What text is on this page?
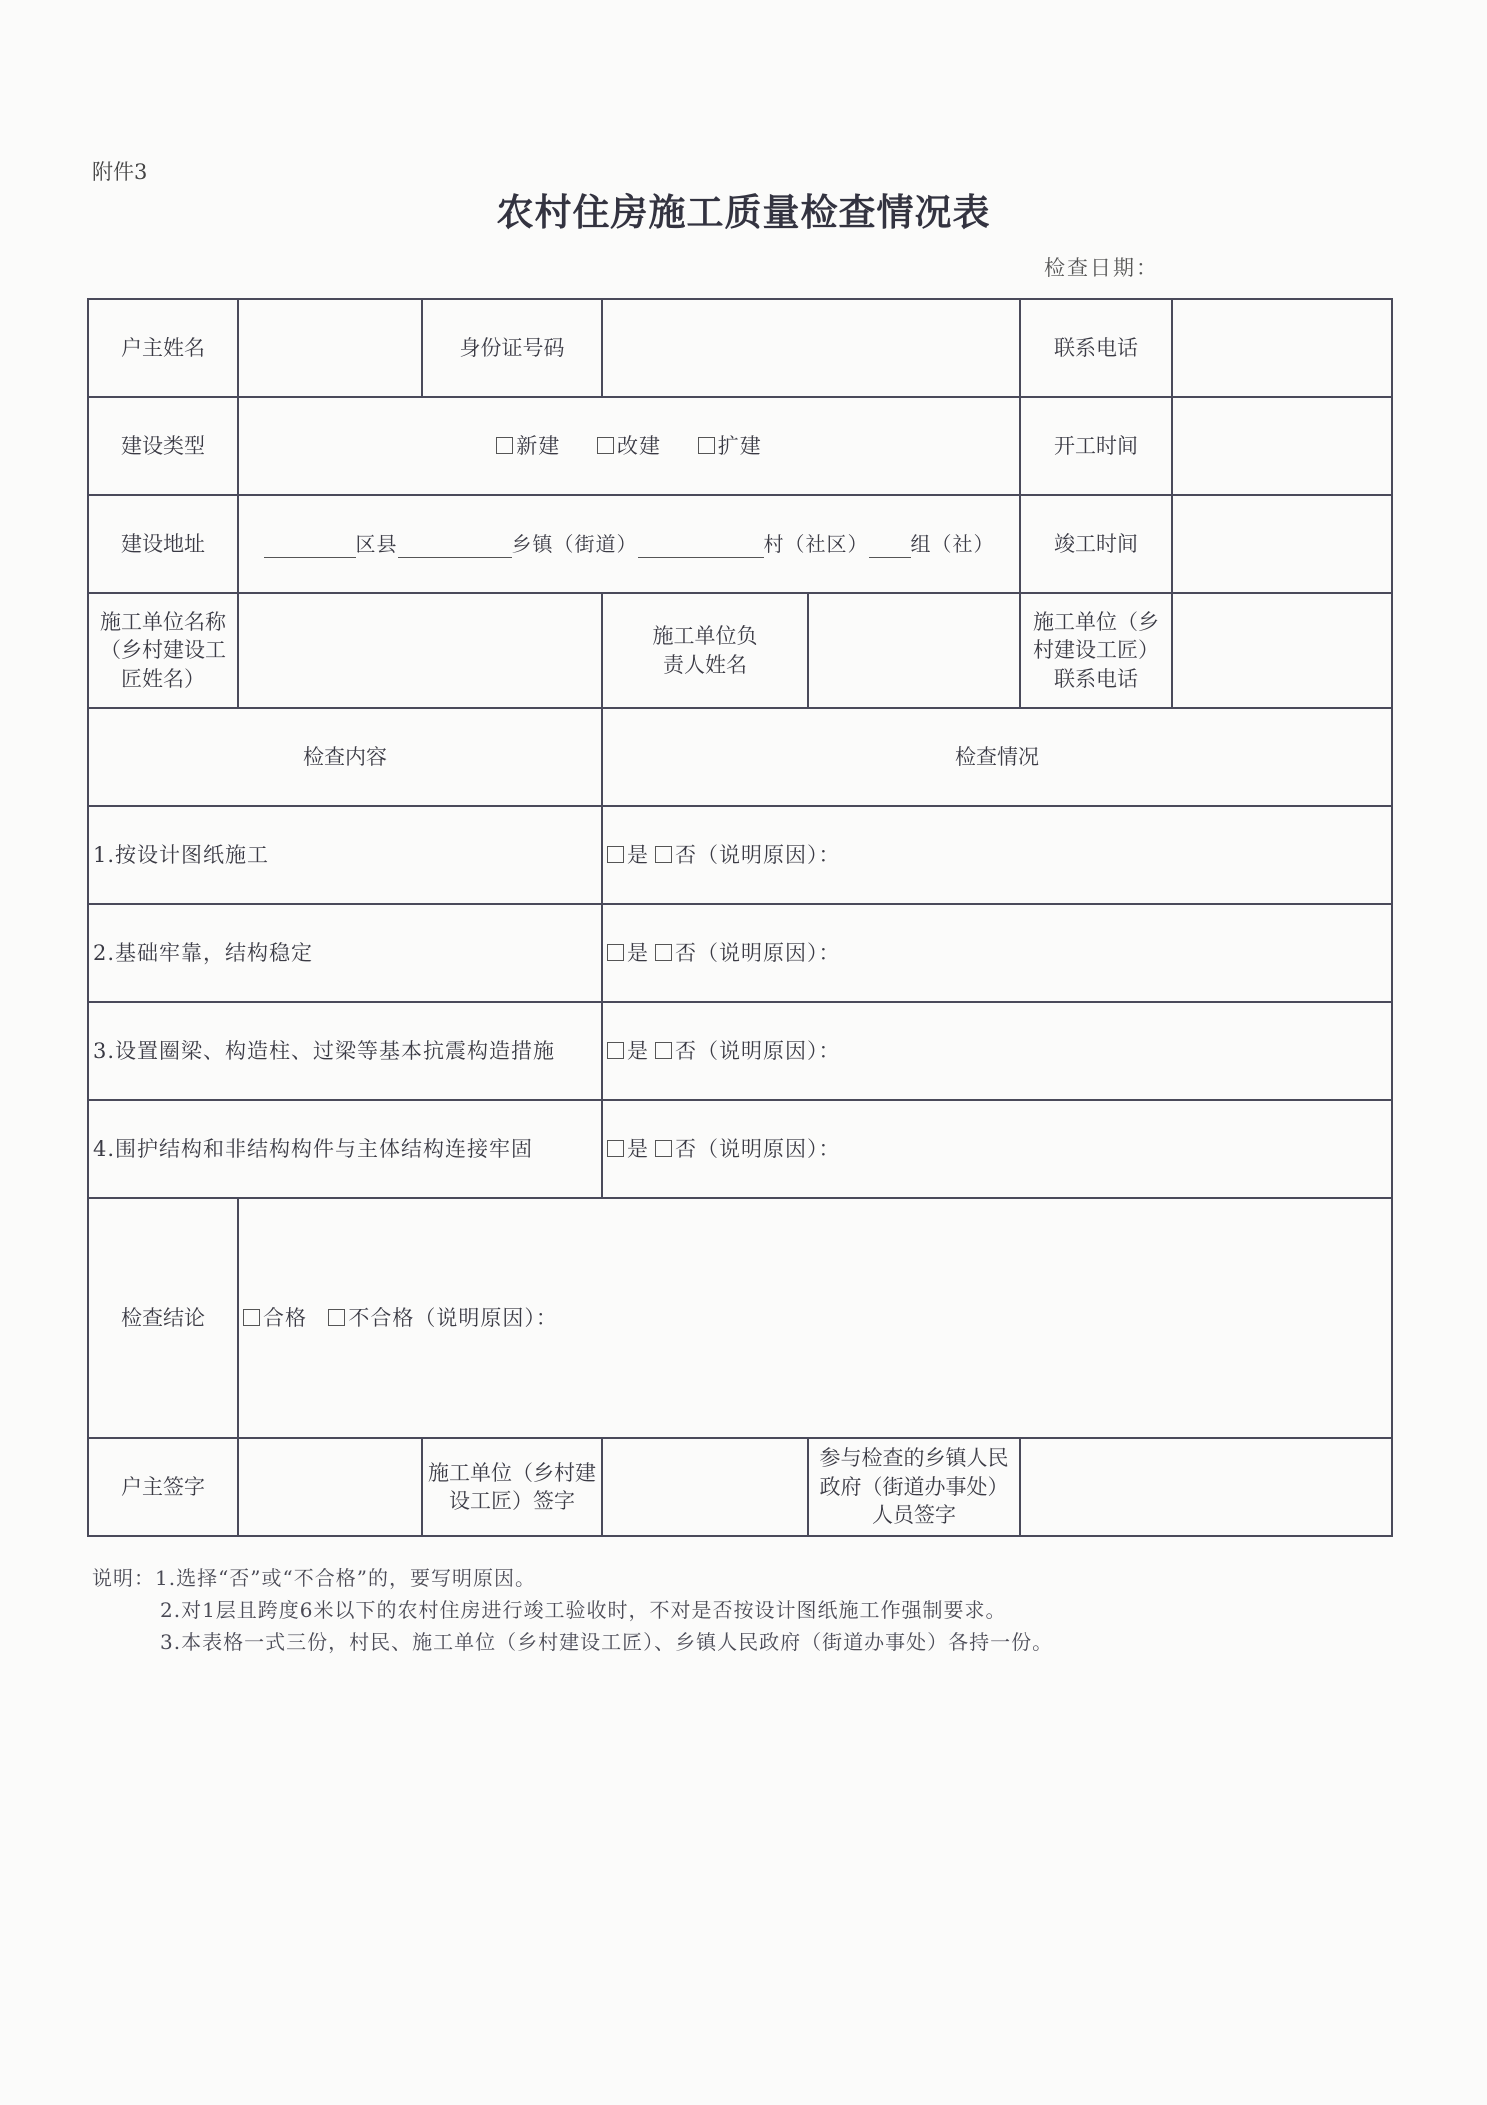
附件3
农村住房施工质量检查情况表
检查日期：
户主姓名		身份证号码			联系电话	
建设类型	新建 改建 扩建				开工时间	
建设地址	区县 乡镇（街道） 村（社区） 组（社）				竣工时间	
施工单位名称（乡村建设工匠姓名）			施工单位负责人姓名		施工单位（乡村建设工匠）联系电话	
检查内容			检查情况			
1.按设计图纸施工			是 否（说明原因）：			
2.基础牢靠，结构稳定			是 否（说明原因）：			
3.设置圈梁、构造柱、过梁等基本抗震构造措施			是 否（说明原因）：			
4.围护结构和非结构构件与主体结构连接牢固			是 否（说明原因）：			
检查结论	合格 不合格（说明原因）：					
户主签字		施工单位（乡村建设工匠）签字		参与检查的乡镇人民政府（街道办事处）人员签字		
说明：1.选择“否”或“不合格”的，要写明原因。
2.对1层且跨度6米以下的农村住房进行竣工验收时，不对是否按设计图纸施工作强制要求。
3.本表格一式三份，村民、施工单位（乡村建设工匠）、乡镇人民政府（街道办事处）各持一份。
